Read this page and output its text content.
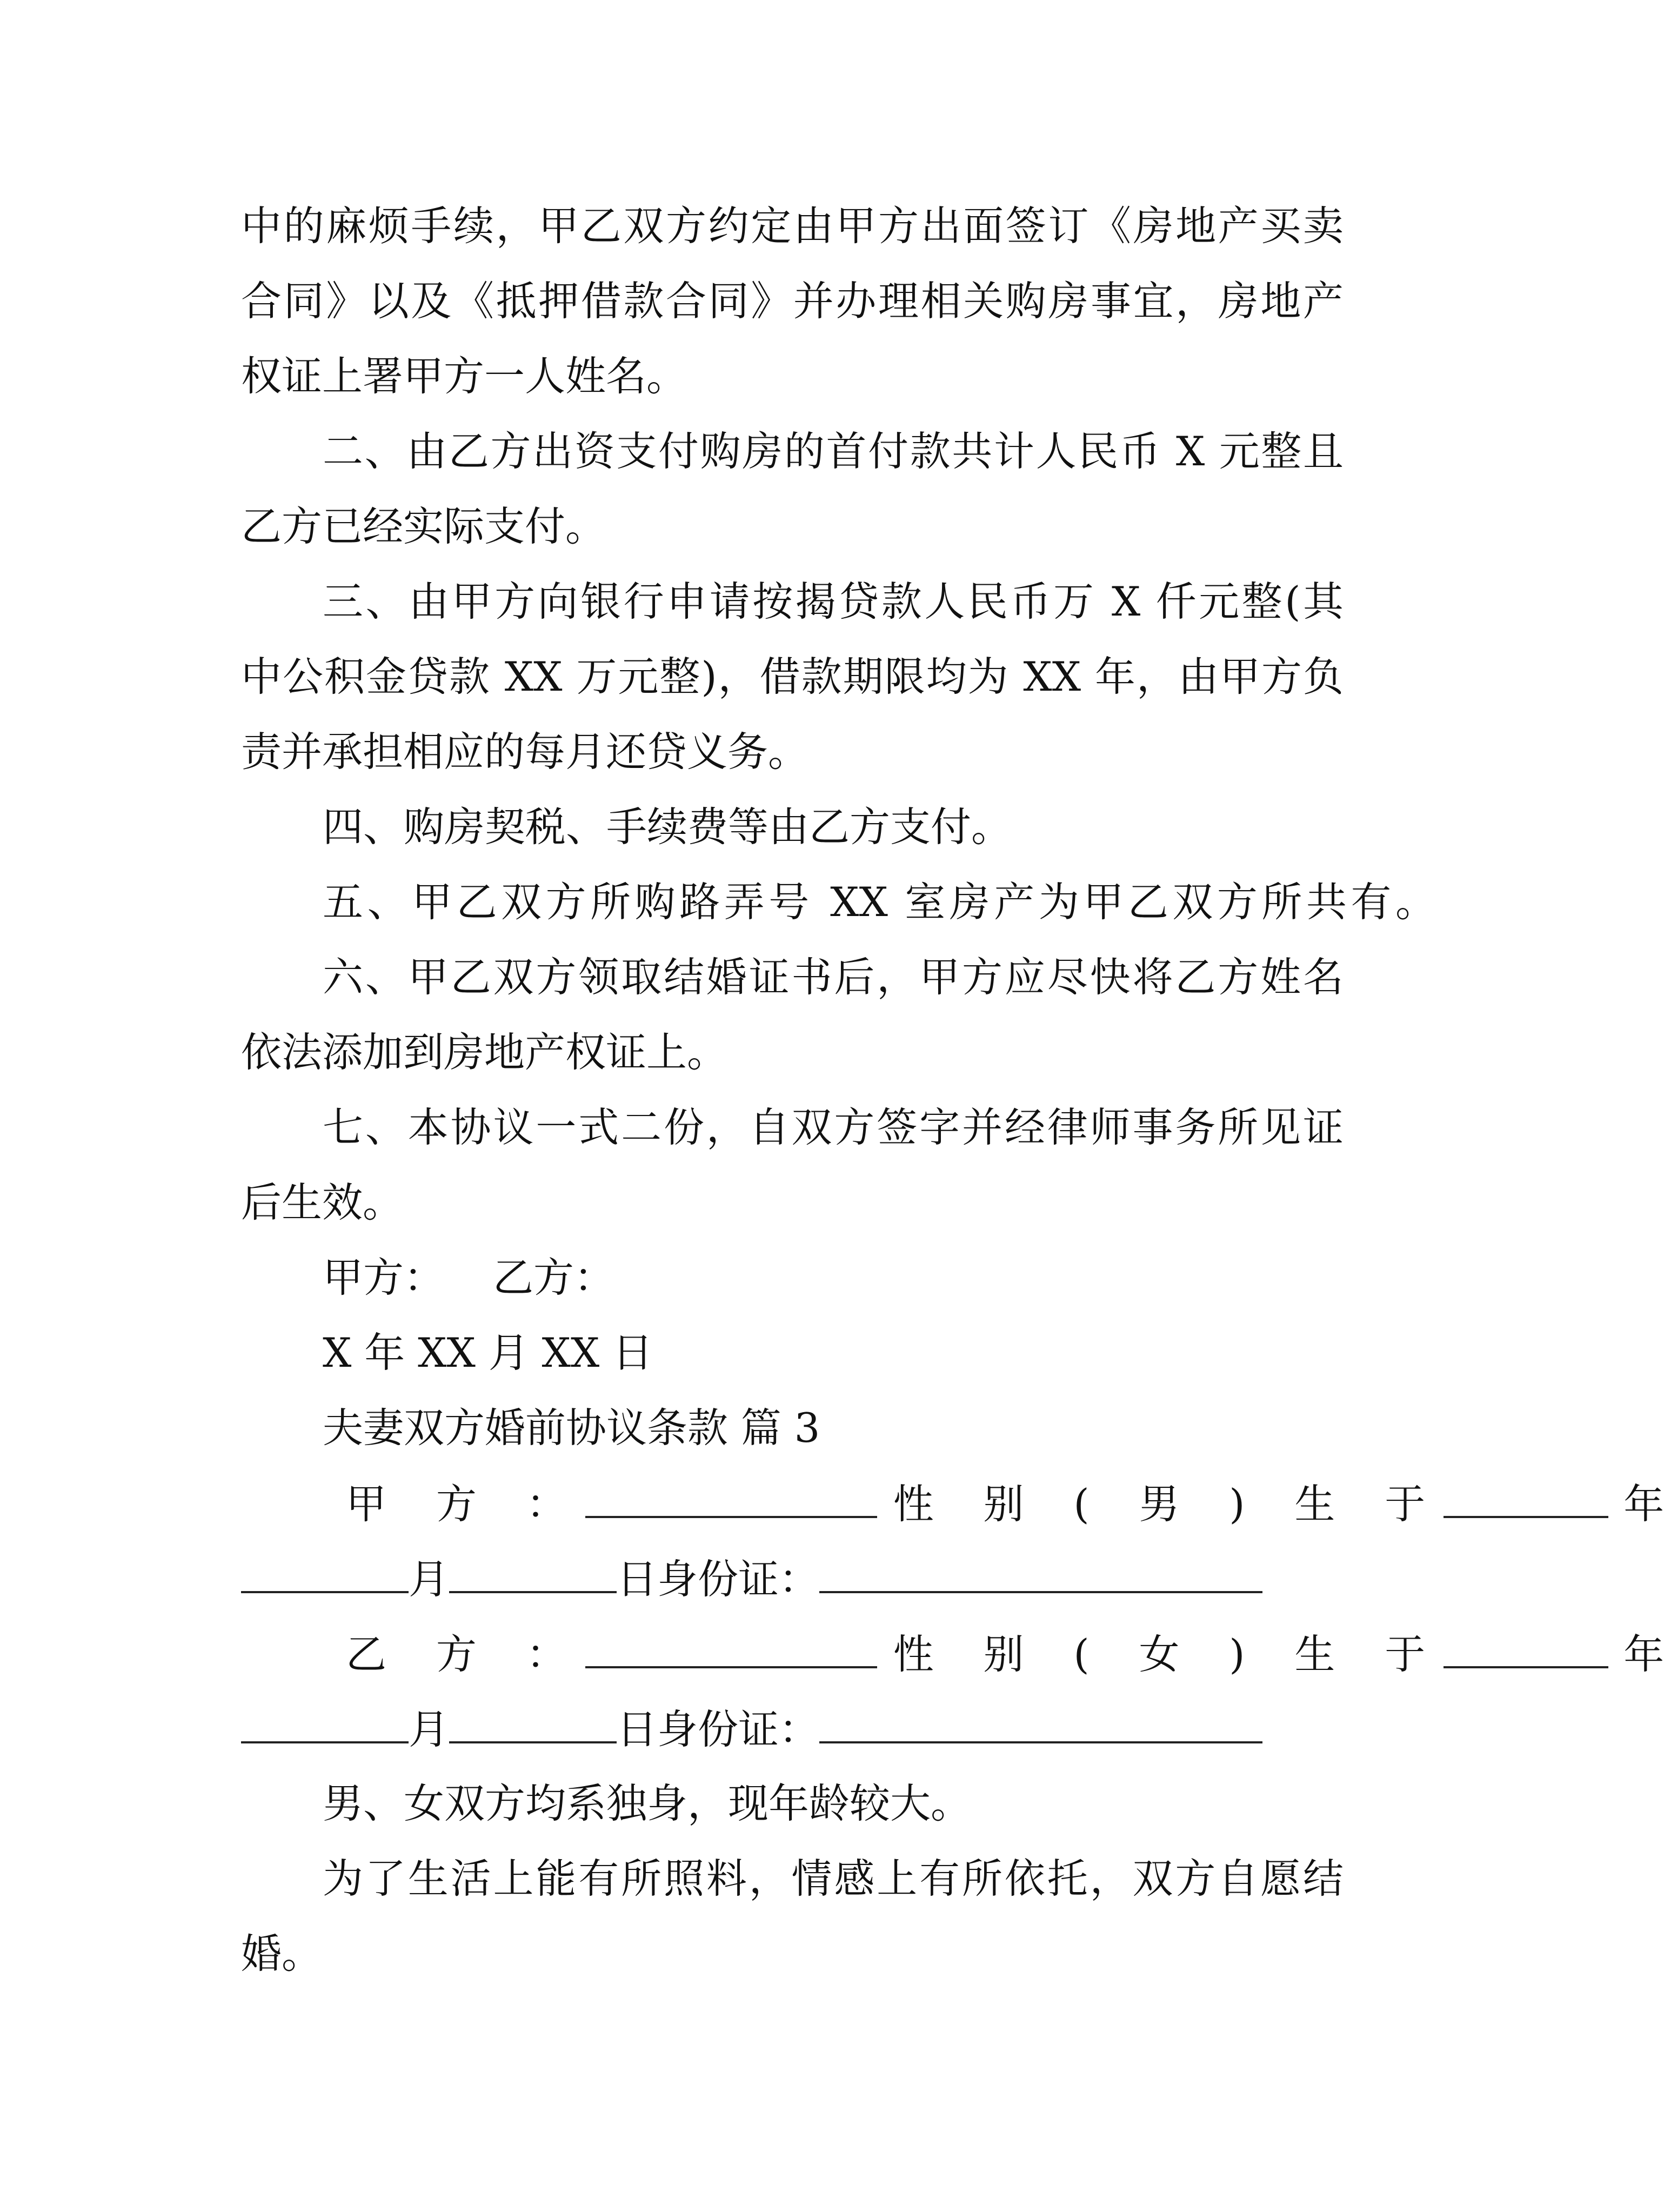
中的麻烦手续，甲乙双方约定由甲方出面签订《房地产买卖
合同》以及《抵押借款合同》并办理相关购房事宜，房地产
权证上署甲方一人姓名。
二、由乙方出资支付购房的首付款共计人民币 X 元整且
乙方已经实际支付。
三、由甲方向银行申请按揭贷款人民币万 X 仟元整(其
中公积金贷款 XX 万元整)，借款期限均为 XX 年，由甲方负
责并承担相应的每月还贷义务。
四、购房契税、手续费等由乙方支付。
五、甲乙双方所购路弄号 XX 室房产为甲乙双方所共有。
六、甲乙双方领取结婚证书后，甲方应尽快将乙方姓名
依法添加到房地产权证上。
七、本协议一式二份，自双方签字并经律师事务所见证
后生效。
甲方： 乙方：
X 年 XX 月 XX 日
夫妻双方婚前协议条款 篇 3
甲 方 ：	性 别 ( 男 ) 生 于	年
月	日身份证：
乙 方 ：	性 别 ( 女 ) 生 于	年
月	日身份证：
男、女双方均系独身，现年龄较大。
为了生活上能有所照料，情感上有所依托，双方自愿结
婚。
